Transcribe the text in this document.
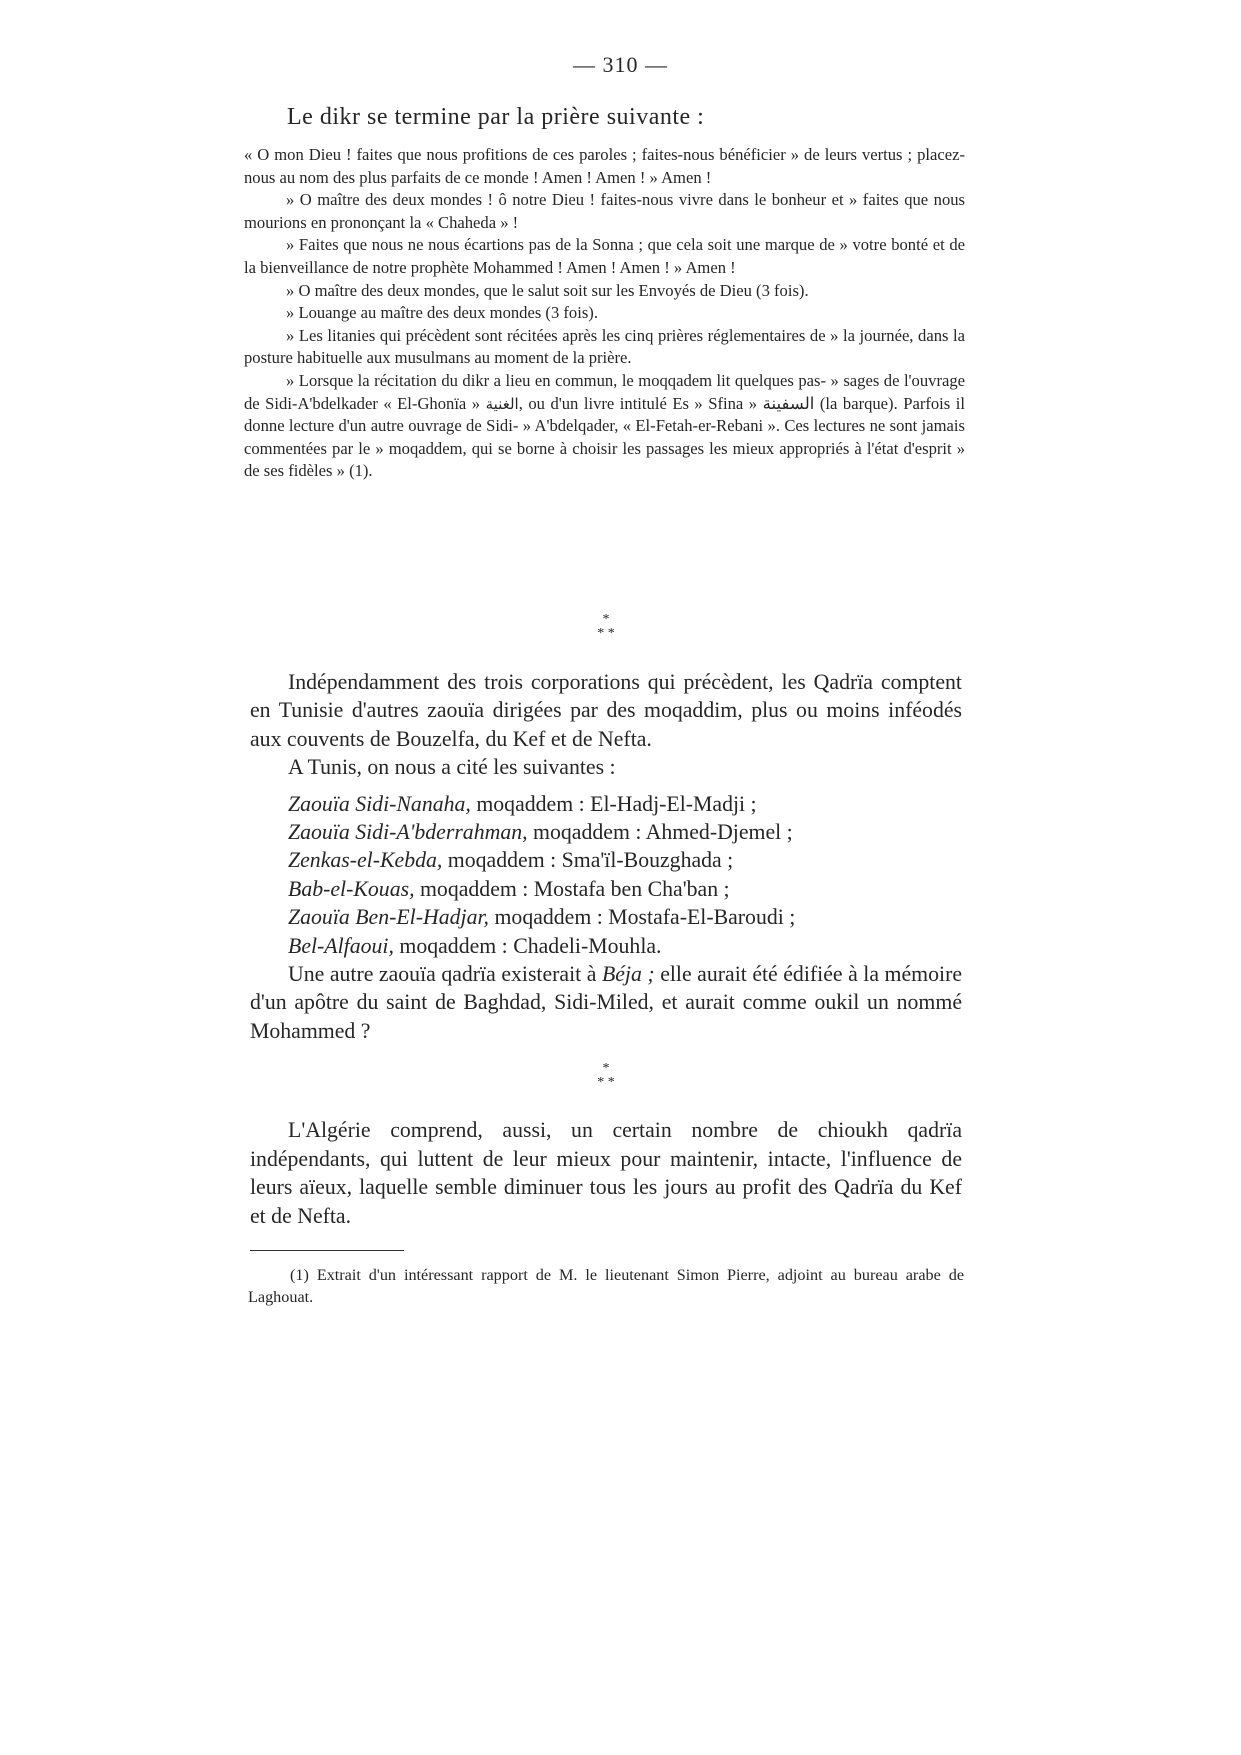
— 310 —
Le dikr se termine par la prière suivante :

« O mon Dieu ! faites que nous profitions de ces paroles ; faites-nous bénéficier » de leurs vertus ; placez-nous au nom des plus parfaits de ce monde ! Amen ! Amen ! » Amen !

» O maître des deux mondes ! ô notre Dieu ! faites-nous vivre dans le bonheur et » faites que nous mourions en prononçant la « Chaheda » !

» Faites que nous ne nous écartions pas de la Sonna ; que cela soit une marque de » votre bonté et de la bienveillance de notre prophète Mohammed ! Amen ! Amen ! » Amen !

» O maître des deux mondes, que le salut soit sur les Envoyés de Dieu (3 fois).

» Louange au maître des deux mondes (3 fois).

» Les litanies qui précèdent sont récitées après les cinq prières réglementaires de » la journée, dans la posture habituelle aux musulmans au moment de la prière.

» Lorsque la récitation du dikr a lieu en commun, le moqqadem lit quelques pas- » sages de l'ouvrage de Sidi-A'bdelkader « El-Ghonïa » الغنية, ou d'un livre intitulé Es » Sfina » السفينة (la barque). Parfois il donne lecture d'un autre ouvrage de Sidi- » A'bdelqader, « El-Fetah-er-Rebani ». Ces lectures ne sont jamais commentées par le » moqaddem, qui se borne à choisir les passages les mieux appropriés à l'état d'esprit » de ses fidèles » (1).

*
* *

Indépendamment des trois corporations qui précèdent, les Qadrïa comptent en Tunisie d'autres zaouïa dirigées par des moqaddim, plus ou moins inféodés aux couvents de Bouzelfa, du Kef et de Nefta.

A Tunis, on nous a cité les suivantes :

Zaouïa Sidi-Nanaha, moqaddem : El-Hadj-El-Madji ;
Zaouïa Sidi-A'bderrahman, moqaddem : Ahmed-Djemel ;
Zenkas-el-Kebda, moqaddem : Sma'ïl-Bouzghada ;
Bab-el-Kouas, moqaddem : Mostafa ben Cha'ban ;
Zaouïa Ben-El-Hadjar, moqaddem : Mostafa-El-Baroudi ;
Bel-Alfaoui, moqaddem : Chadeli-Mouhla.

Une autre zaouïa qadrïa existerait à Béja ; elle aurait été édifiée à la mémoire d'un apôtre du saint de Baghdad, Sidi-Miled, et aurait comme oukil un nommé Mohammed ?

*
* *

L'Algérie comprend, aussi, un certain nombre de chioukh qadrïa indépendants, qui luttent de leur mieux pour maintenir, intacte, l'influence de leurs aïeux, laquelle semble diminuer tous les jours au profit des Qadrïa du Kef et de Nefta.

(1) Extrait d'un intéressant rapport de M. le lieutenant Simon Pierre, adjoint au bureau arabe de Laghouat.
